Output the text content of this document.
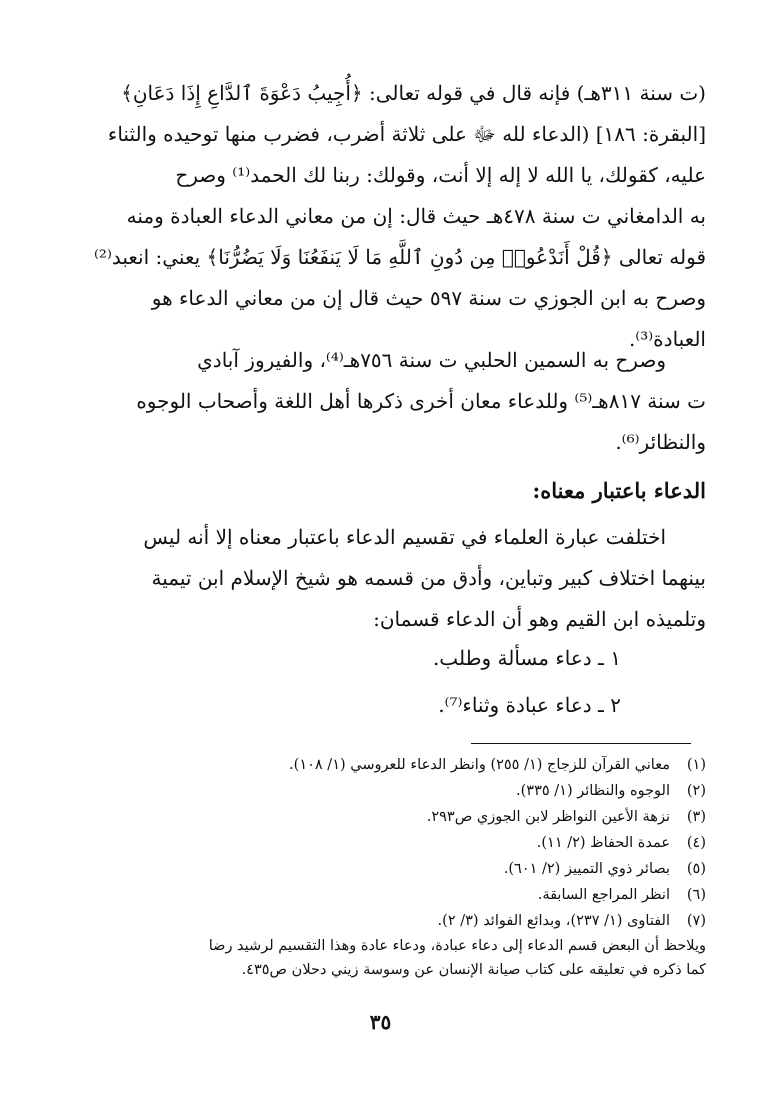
(ت سنة ٣١١هـ) فإنه قال في قوله تعالى: ﴿أُجِيبُ دَعْوَةَ ٱلدَّاعِ إِذَا دَعَانِ﴾
[البقرة: ١٨٦] (الدعاء لله ﷻ على ثلاثة أضرب، فضرب منها توحيده والثناء
عليه، كقولك، يا الله لا إله إلا أنت، وقولك: ربنا لك الحمد⁽¹⁾ وصرح
به الدامغاني ت سنة ٤٧٨هـ حيث قال: إن من معاني الدعاء العبادة ومنه
قوله تعالى ﴿قُلْ أَنَدْعُوا۟ مِن دُونِ ٱللَّهِ مَا لَا يَنفَعُنَا وَلَا يَضُرُّنَا﴾ يعني: انعبد⁽²⁾
وصرح به ابن الجوزي ت سنة ٥٩٧ حيث قال إن من معاني الدعاء هو
العبادة⁽³⁾.
وصرح به السمين الحلبي ت سنة ٧٥٦هـ⁽⁴⁾، والفيروز آبادي
ت سنة ٨١٧هـ⁽⁵⁾ وللدعاء معان أخرى ذكرها أهل اللغة وأصحاب الوجوه
والنظائر⁽⁶⁾.
الدعاء باعتبار معناه:
اختلفت عبارة العلماء في تقسيم الدعاء باعتبار معناه إلا أنه ليس
بينهما اختلاف كبير وتباين، وأدق من قسمه هو شيخ الإسلام ابن تيمية
وتلميذه ابن القيم وهو أن الدعاء قسمان:
١ ـ دعاء مسألة وطلب.
٢ ـ دعاء عبادة وثناء⁽⁷⁾.
(١)
معاني القرآن للزجاج (١/ ٢٥٥) وانظر الدعاء للعروسي (١/ ١٠٨).
(٢)
الوجوه والنظائر (١/ ٣٣٥).
(٣)
نزهة الأعين النواظر لابن الجوزي ص٢٩٣.
(٤)
عمدة الحفاظ (٢/ ١١).
(٥)
بصائر ذوي التمييز (٢/ ٦٠١).
(٦)
انظر المراجع السابقة.
(٧)
الفتاوى (١/ ٢٣٧)، وبدائع الفوائد (٣/ ٢).
ويلاحظ أن البعض قسم الدعاء إلى دعاء عبادة، ودعاء عادة وهذا التقسيم لرشيد رضا
كما ذكره في تعليقه على كتاب صيانة الإنسان عن وسوسة زيني دحلان ص٤٣٥.
٣٥
